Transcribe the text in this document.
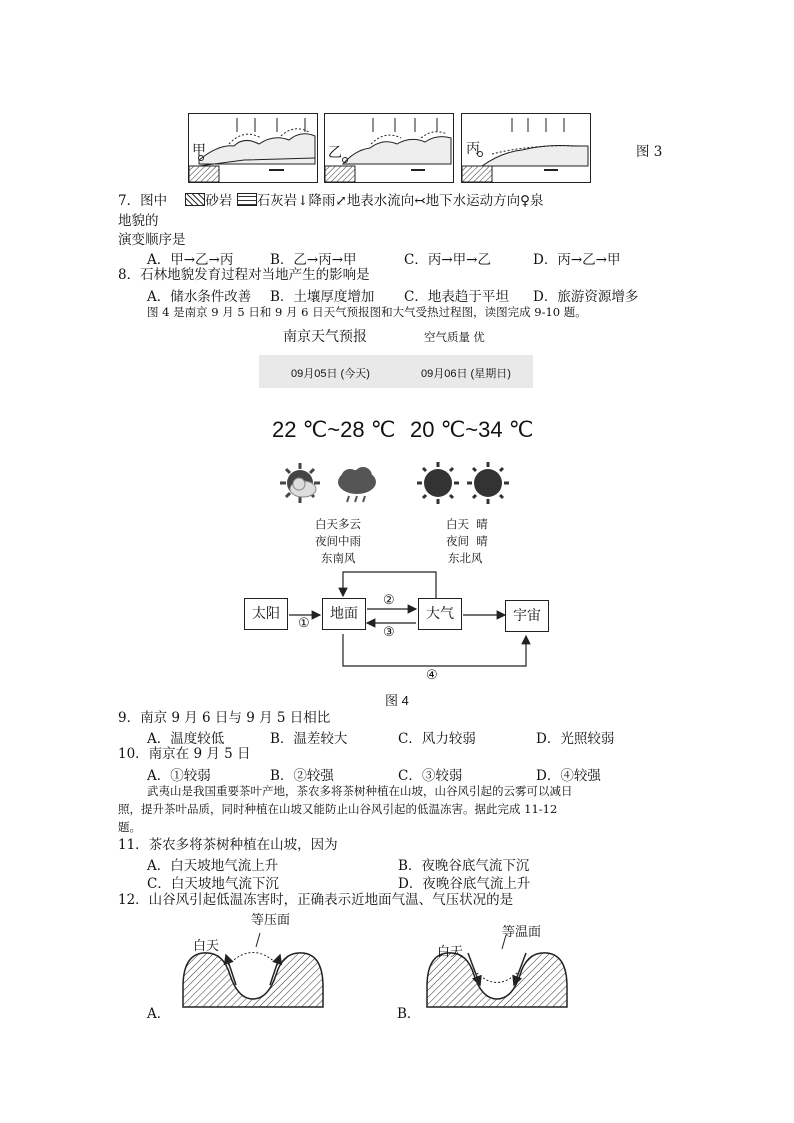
甲	乙	丙	图 3
7．图中	砂岩 石灰岩↓降雨⤢地表水流向↢地下水运动方向♀泉
地貌的
演变顺序是
A．甲→乙→丙	B．乙→丙→甲	C．丙→甲→乙	D．丙→乙→甲
8．石林地貌发育过程对当地产生的影响是
A．储水条件改善 B．土壤厚度增加 C．地表趋于平坦 D．旅游资源增多
图 4 是南京 9 月 5 日和 9 月 6 日天气预报图和大气受热过程图，读图完成 9-10 题。
南京天气预报	空气质量 优
09月05日 (今天)	09月06日 (星期日)
22 ℃~28 ℃ 20 ℃~34 ℃
白天多云
夜间中雨
东南风
白天  晴
夜间  晴
东北风
太阳	地面	大气	宇宙
①
②
③
④
图 4
9．南京 9 月 6 日与 9 月 5 日相比
A．温度较低	B．温差较大	C．风力较弱	D．光照较弱
10．南京在 9 月 5 日
A．①较弱	B．②较强	C．③较弱	D．④较强
武夷山是我国重要茶叶产地，茶农多将茶树种植在山坡，山谷风引起的云雾可以减日
照，提升茶叶品质，同时种植在山坡又能防止山谷风引起的低温冻害。据此完成 11-12
题。
11．茶农多将茶树种植在山坡，因为
A．白天坡地气流上升	B．夜晚谷底气流下沉
C．白天坡地气流下沉	D．夜晚谷底气流上升
12．山谷风引起低温冻害时，正确表示近地面气温、气压状况的是
等压面
白天
A．
等温面
白天
B．
